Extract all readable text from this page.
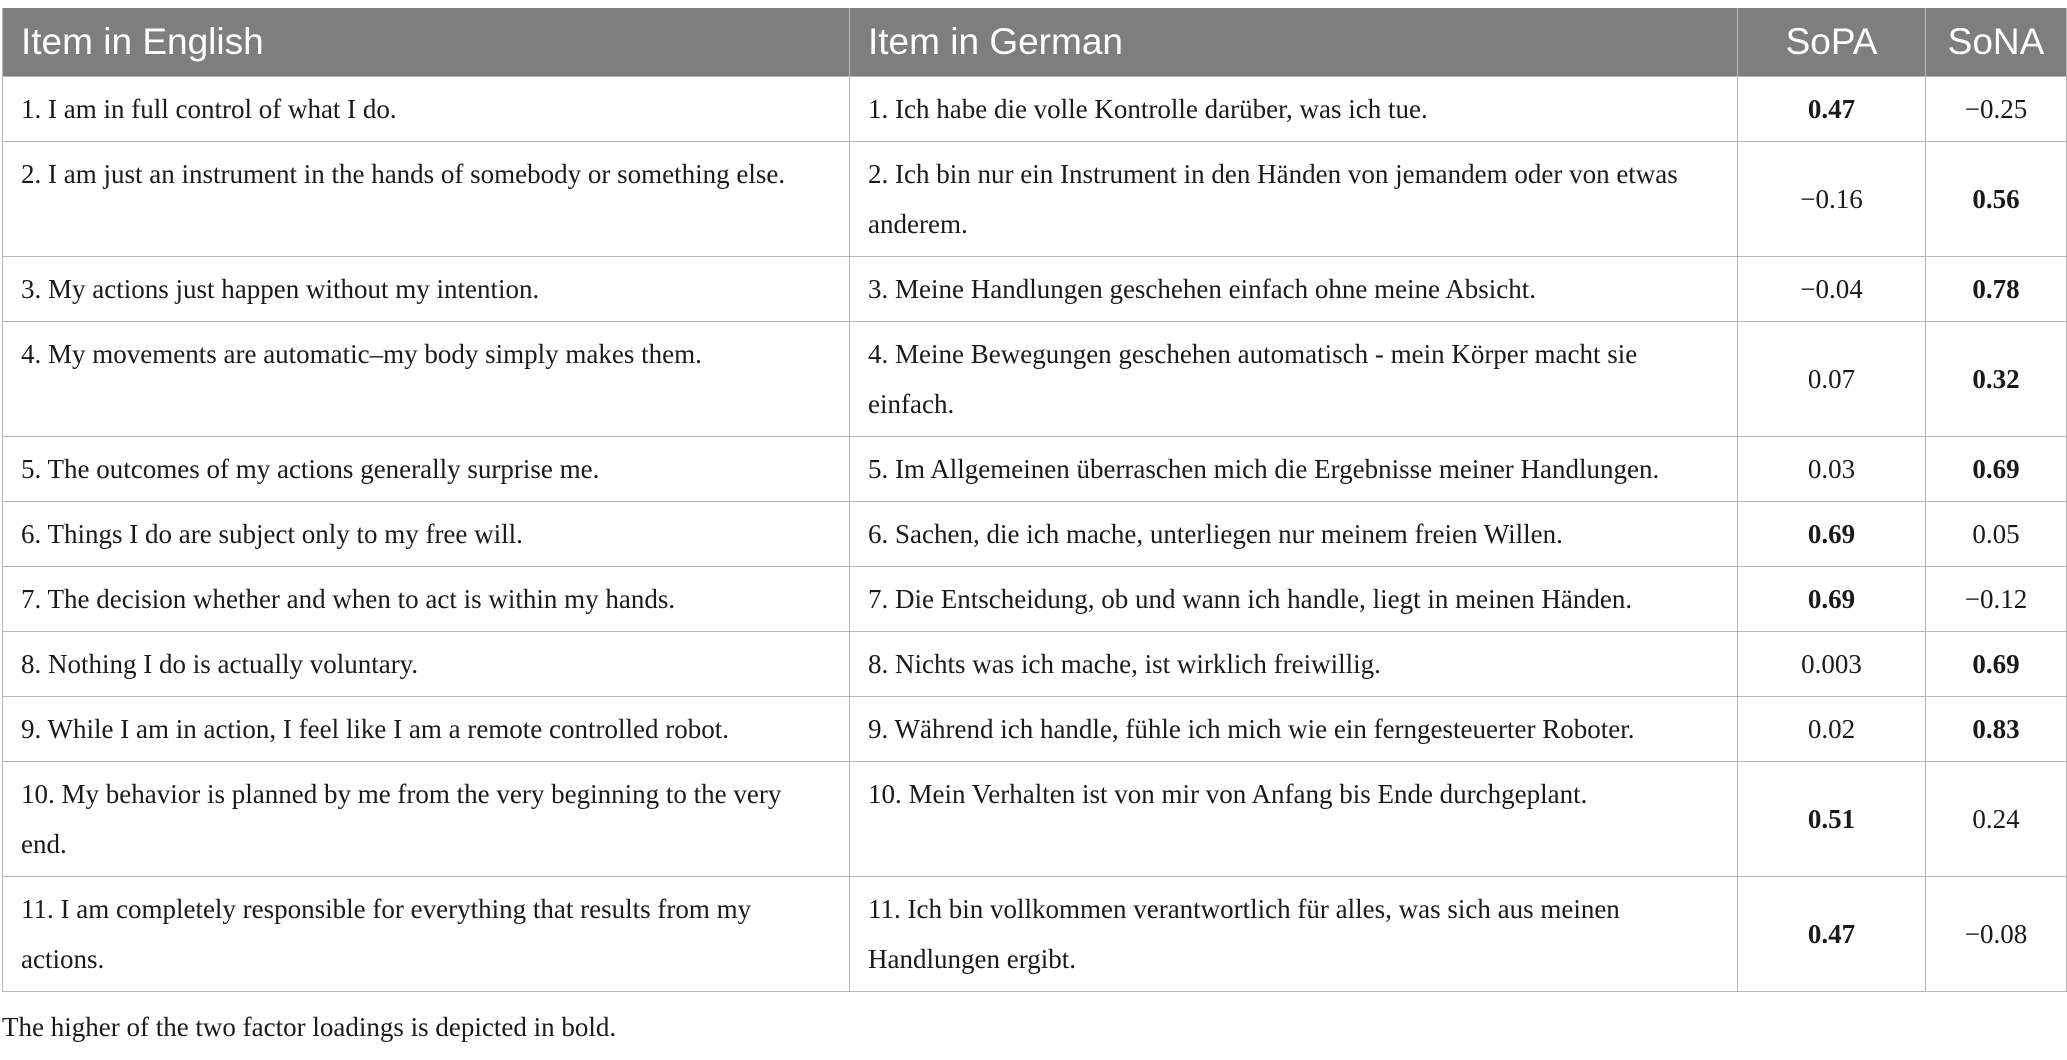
Item in English	Item in German	SoPA	SoNA
1. I am in full control of what I do.	1. Ich habe die volle Kontrolle darüber, was ich tue.	0.47	−0.25
2. I am just an instrument in the hands of somebody or something else.	2. Ich bin nur ein Instrument in den Händen von jemandem oder von etwas anderem.	−0.16	0.56
3. My actions just happen without my intention.	3. Meine Handlungen geschehen einfach ohne meine Absicht.	−0.04	0.78
4. My movements are automatic–my body simply makes them.	4. Meine Bewegungen geschehen automatisch - mein Körper macht sie einfach.	0.07	0.32
5. The outcomes of my actions generally surprise me.	5. Im Allgemeinen überraschen mich die Ergebnisse meiner Handlungen.	0.03	0.69
6. Things I do are subject only to my free will.	6. Sachen, die ich mache, unterliegen nur meinem freien Willen.	0.69	0.05
7. The decision whether and when to act is within my hands.	7. Die Entscheidung, ob und wann ich handle, liegt in meinen Händen.	0.69	−0.12
8. Nothing I do is actually voluntary.	8. Nichts was ich mache, ist wirklich freiwillig.	0.003	0.69
9. While I am in action, I feel like I am a remote controlled robot.	9. Während ich handle, fühle ich mich wie ein ferngesteuerter Roboter.	0.02	0.83
10. My behavior is planned by me from the very beginning to the very end.	10. Mein Verhalten ist von mir von Anfang bis Ende durchgeplant.	0.51	0.24
11. I am completely responsible for everything that results from my actions.	11. Ich bin vollkommen verantwortlich für alles, was sich aus meinen Handlungen ergibt.	0.47	−0.08
The higher of the two factor loadings is depicted in bold.
